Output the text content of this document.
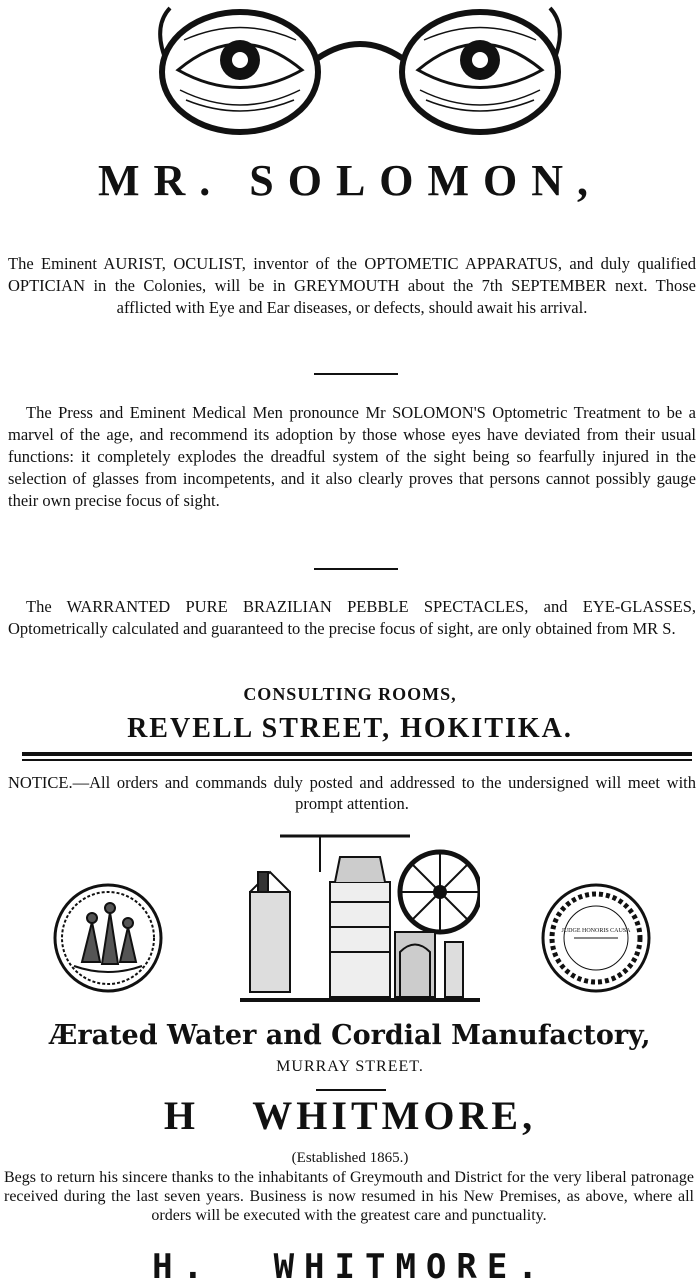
MR. SOLOMON,
The Eminent AURIST, OCULIST, inventor of the OPTOMETIC APPARATUS, and duly qualified OPTICIAN in the Colonies, will be in GREYMOUTH about the 7th SEPTEMBER next. Those afflicted with Eye and Ear diseases, or defects, should await his arrival.
The Press and Eminent Medical Men pronounce Mr SOLOMON'S Optometric Treatment to be a marvel of the age, and recommend its adoption by those whose eyes have deviated from their usual functions: it completely explodes the dreadful system of the sight being so fearfully injured in the selection of glasses from incompetents, and it also clearly proves that persons cannot possibly gauge their own precise focus of sight.
The WARRANTED PURE BRAZILIAN PEBBLE SPECTACLES, and EYE-GLASSES, Optometrically calculated and guaranteed to the precise focus of sight, are only obtained from MR S.
CONSULTING ROOMS,
REVELL STREET, HOKITIKA.
NOTICE.—All orders and commands duly posted and addressed to the undersigned will meet with prompt attention.
JUDGE HONORIS CAUSA
Ærated Water and Cordial Manufactory,
MURRAY STREET.
H WHITMORE,
(Established 1865.)
Begs to return his sincere thanks to the inhabitants of Greymouth and District for the very liberal patronage received during the last seven years. Business is now resumed in his New Premises, as above, where all orders will be executed with the greatest care and punctuality.
H. WHITMORE.
